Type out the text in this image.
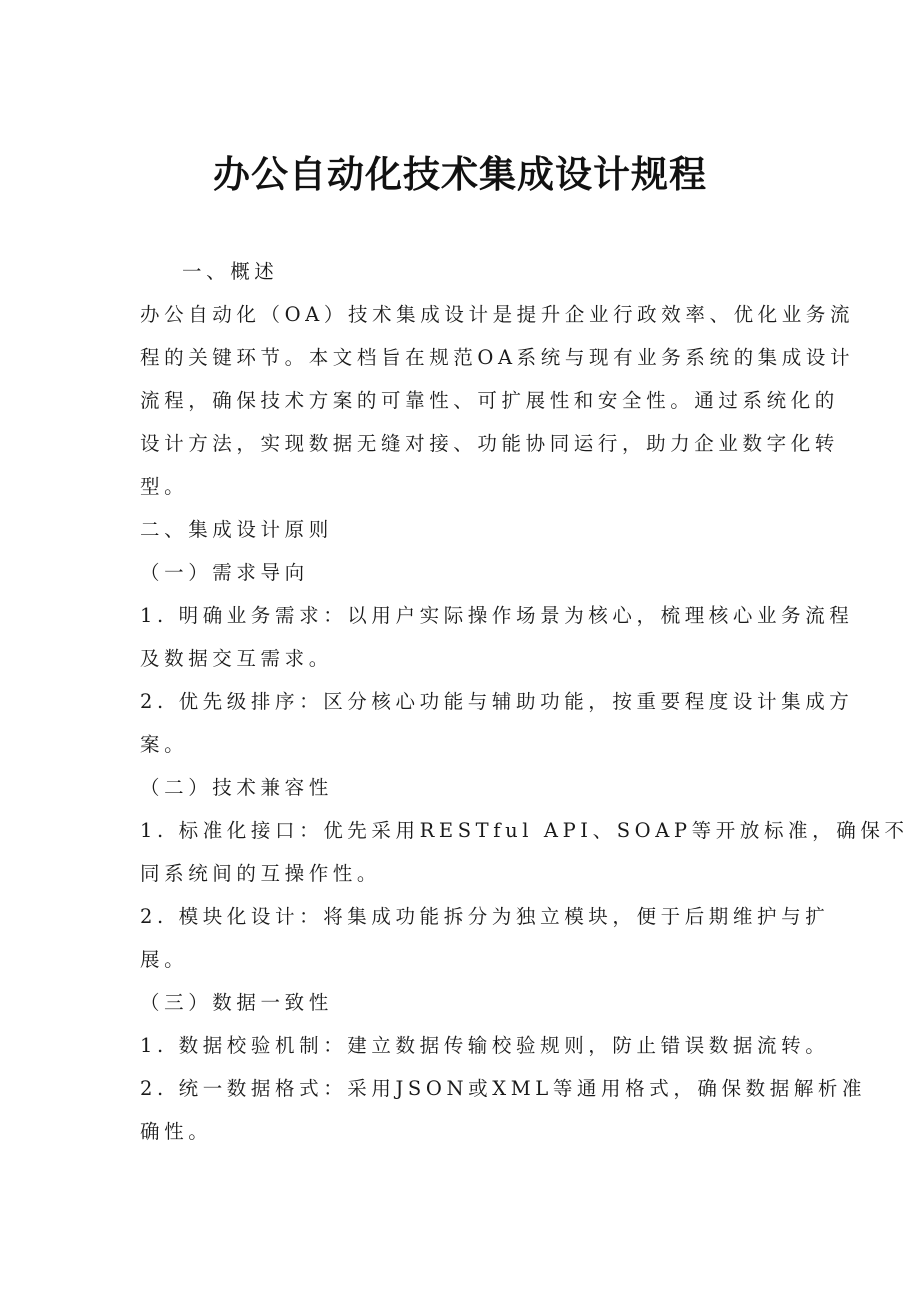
办公自动化技术集成设计规程
一、概述
办公自动化（OA）技术集成设计是提升企业行政效率、优化业务流
程的关键环节。本文档旨在规范OA系统与现有业务系统的集成设计
流程，确保技术方案的可靠性、可扩展性和安全性。通过系统化的
设计方法，实现数据无缝对接、功能协同运行，助力企业数字化转
型。
二、集成设计原则
（一）需求导向
1. 明确业务需求：以用户实际操作场景为核心，梳理核心业务流程
及数据交互需求。
2. 优先级排序：区分核心功能与辅助功能，按重要程度设计集成方
案。
（二）技术兼容性
1. 标准化接口：优先采用RESTful API、SOAP等开放标准，确保不
同系统间的互操作性。
2. 模块化设计：将集成功能拆分为独立模块，便于后期维护与扩
展。
（三）数据一致性
1. 数据校验机制：建立数据传输校验规则，防止错误数据流转。
2. 统一数据格式：采用JSON或XML等通用格式，确保数据解析准
确性。
